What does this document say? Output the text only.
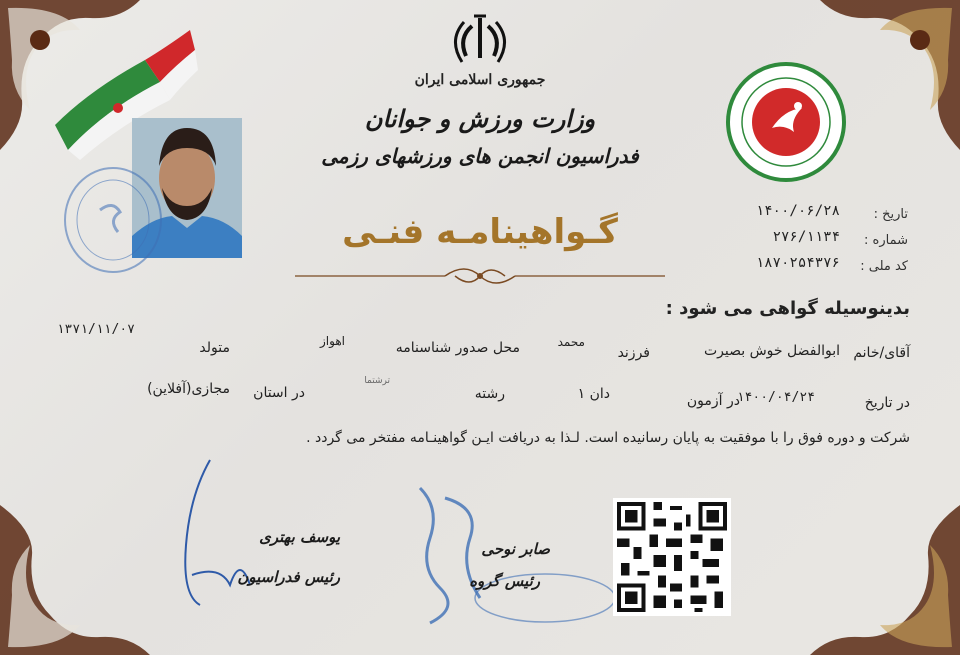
جمهوری اسلامی ایران
وزارت ورزش و جوانان
فدراسیون انجمن های ورزشهای رزمی
گـواهینامـه فنـی	تاریخ :
۱۴۰۰/۰۶/۲۸
شماره :
۲۷۶/۱۱۳۴
کد ملی :
۱۸۷۰۲۵۴۳۷۶
بدینوسیله گواهی می شود :
آقای/خانم
ابوالفضل خوش بصیرت
فرزند
محمد
محل صدور شناسنامه
اهواز
متولد
۱۳۷۱/۱۱/۰۷
در تاریخ
۱۴۰۰/۰۴/۲۴
در آزمون
دان ۱
ترشتما
رشته
در استان
مجازی(آفلاین)
شرکت و دوره فوق را با موفقیت به پایان رسانیده است. لـذا به دریافت ایـن گواهینـامه مفتخر می گردد .
یوسف بهتری
رئیس فدراسیون
صابر نوحی
رئیس گروه
